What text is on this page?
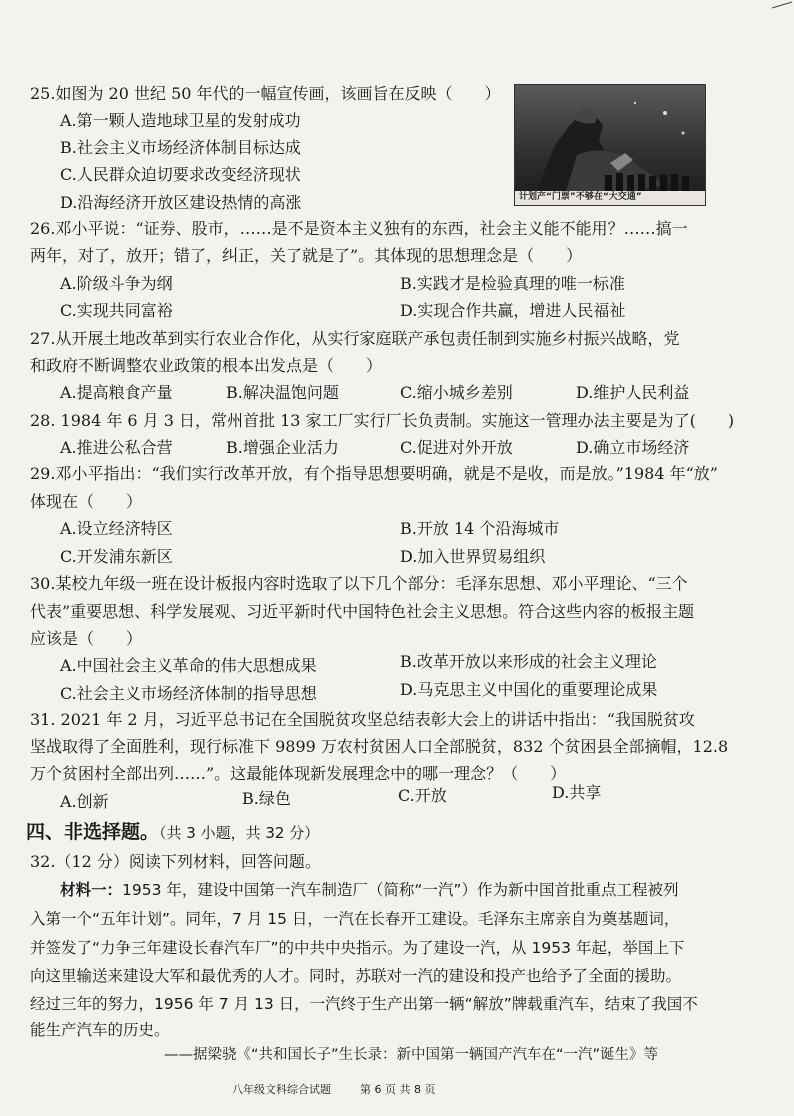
25.如图为 20 世纪 50 年代的一幅宣传画，该画旨在反映（　　）
A.第一颗人造地球卫星的发射成功
B.社会主义市场经济体制目标达成
C.人民群众迫切要求改变经济现状
D.沿海经济开放区建设热情的高涨	计划产“门票”不够在“大交通”
26.邓小平说：“证券、股市，……是不是资本主义独有的东西，社会主义能不能用？……搞一
两年，对了，放开；错了，纠正，关了就是了”。其体现的思想理念是（　　）
A.阶级斗争为纲	B.实践才是检验真理的唯一标准
C.实现共同富裕	D.实现合作共赢，增进人民福祉
27.从开展土地改革到实行农业合作化，从实行家庭联产承包责任制到实施乡村振兴战略，党
和政府不断调整农业政策的根本出发点是（　　）
A.提高粮食产量	B.解决温饱问题	C.缩小城乡差别	D.维护人民利益
28. 1984 年 6 月 3 日，常州首批 13 家工厂实行厂长负责制。实施这一管理办法主要是为了(　　)
A.推进公私合营	B.增强企业活力	C.促进对外开放	D.确立市场经济
29.邓小平指出：“我们实行改革开放，有个指导思想要明确，就是不是收，而是放。”1984 年“放”
体现在（　　）
A.设立经济特区	B.开放 14 个沿海城市
C.开发浦东新区	D.加入世界贸易组织
30.某校九年级一班在设计板报内容时选取了以下几个部分：毛泽东思想、邓小平理论、“三个
代表”重要思想、科学发展观、习近平新时代中国特色社会主义思想。符合这些内容的板报主题
应该是（　　）
A.中国社会主义革命的伟大思想成果	B.改革开放以来形成的社会主义理论
C.社会主义市场经济体制的指导思想	D.马克思主义中国化的重要理论成果
31. 2021 年 2 月，习近平总书记在全国脱贫攻坚总结表彰大会上的讲话中指出：“我国脱贫攻
坚战取得了全面胜利，现行标准下 9899 万农村贫困人口全部脱贫，832 个贫困县全部摘帽，12.8
万个贫困村全部出列……”。这最能体现新发展理念中的哪一理念？（　　）
A.创新	B.绿色	C.开放	D.共享
四、非选择题。（共 3 小题，共 32 分）
32.（12 分）阅读下列材料，回答问题。
材料一：1953 年，建设中国第一汽车制造厂（简称“一汽”）作为新中国首批重点工程被列
入第一个“五年计划”。同年，7 月 15 日，一汽在长春开工建设。毛泽东主席亲自为奠基题词，
并签发了“力争三年建设长春汽车厂”的中共中央指示。为了建设一汽，从 1953 年起，举国上下
向这里输送来建设大军和最优秀的人才。同时，苏联对一汽的建设和投产也给予了全面的援助。
经过三年的努力，1956 年 7 月 13 日，一汽终于生产出第一辆“解放”牌载重汽车，结束了我国不
能生产汽车的历史。
——据梁骁《“共和国长子”生长录：新中国第一辆国产汽车在“一汽”诞生》等
八年级文科综合试题	第 6 页 共 8 页
